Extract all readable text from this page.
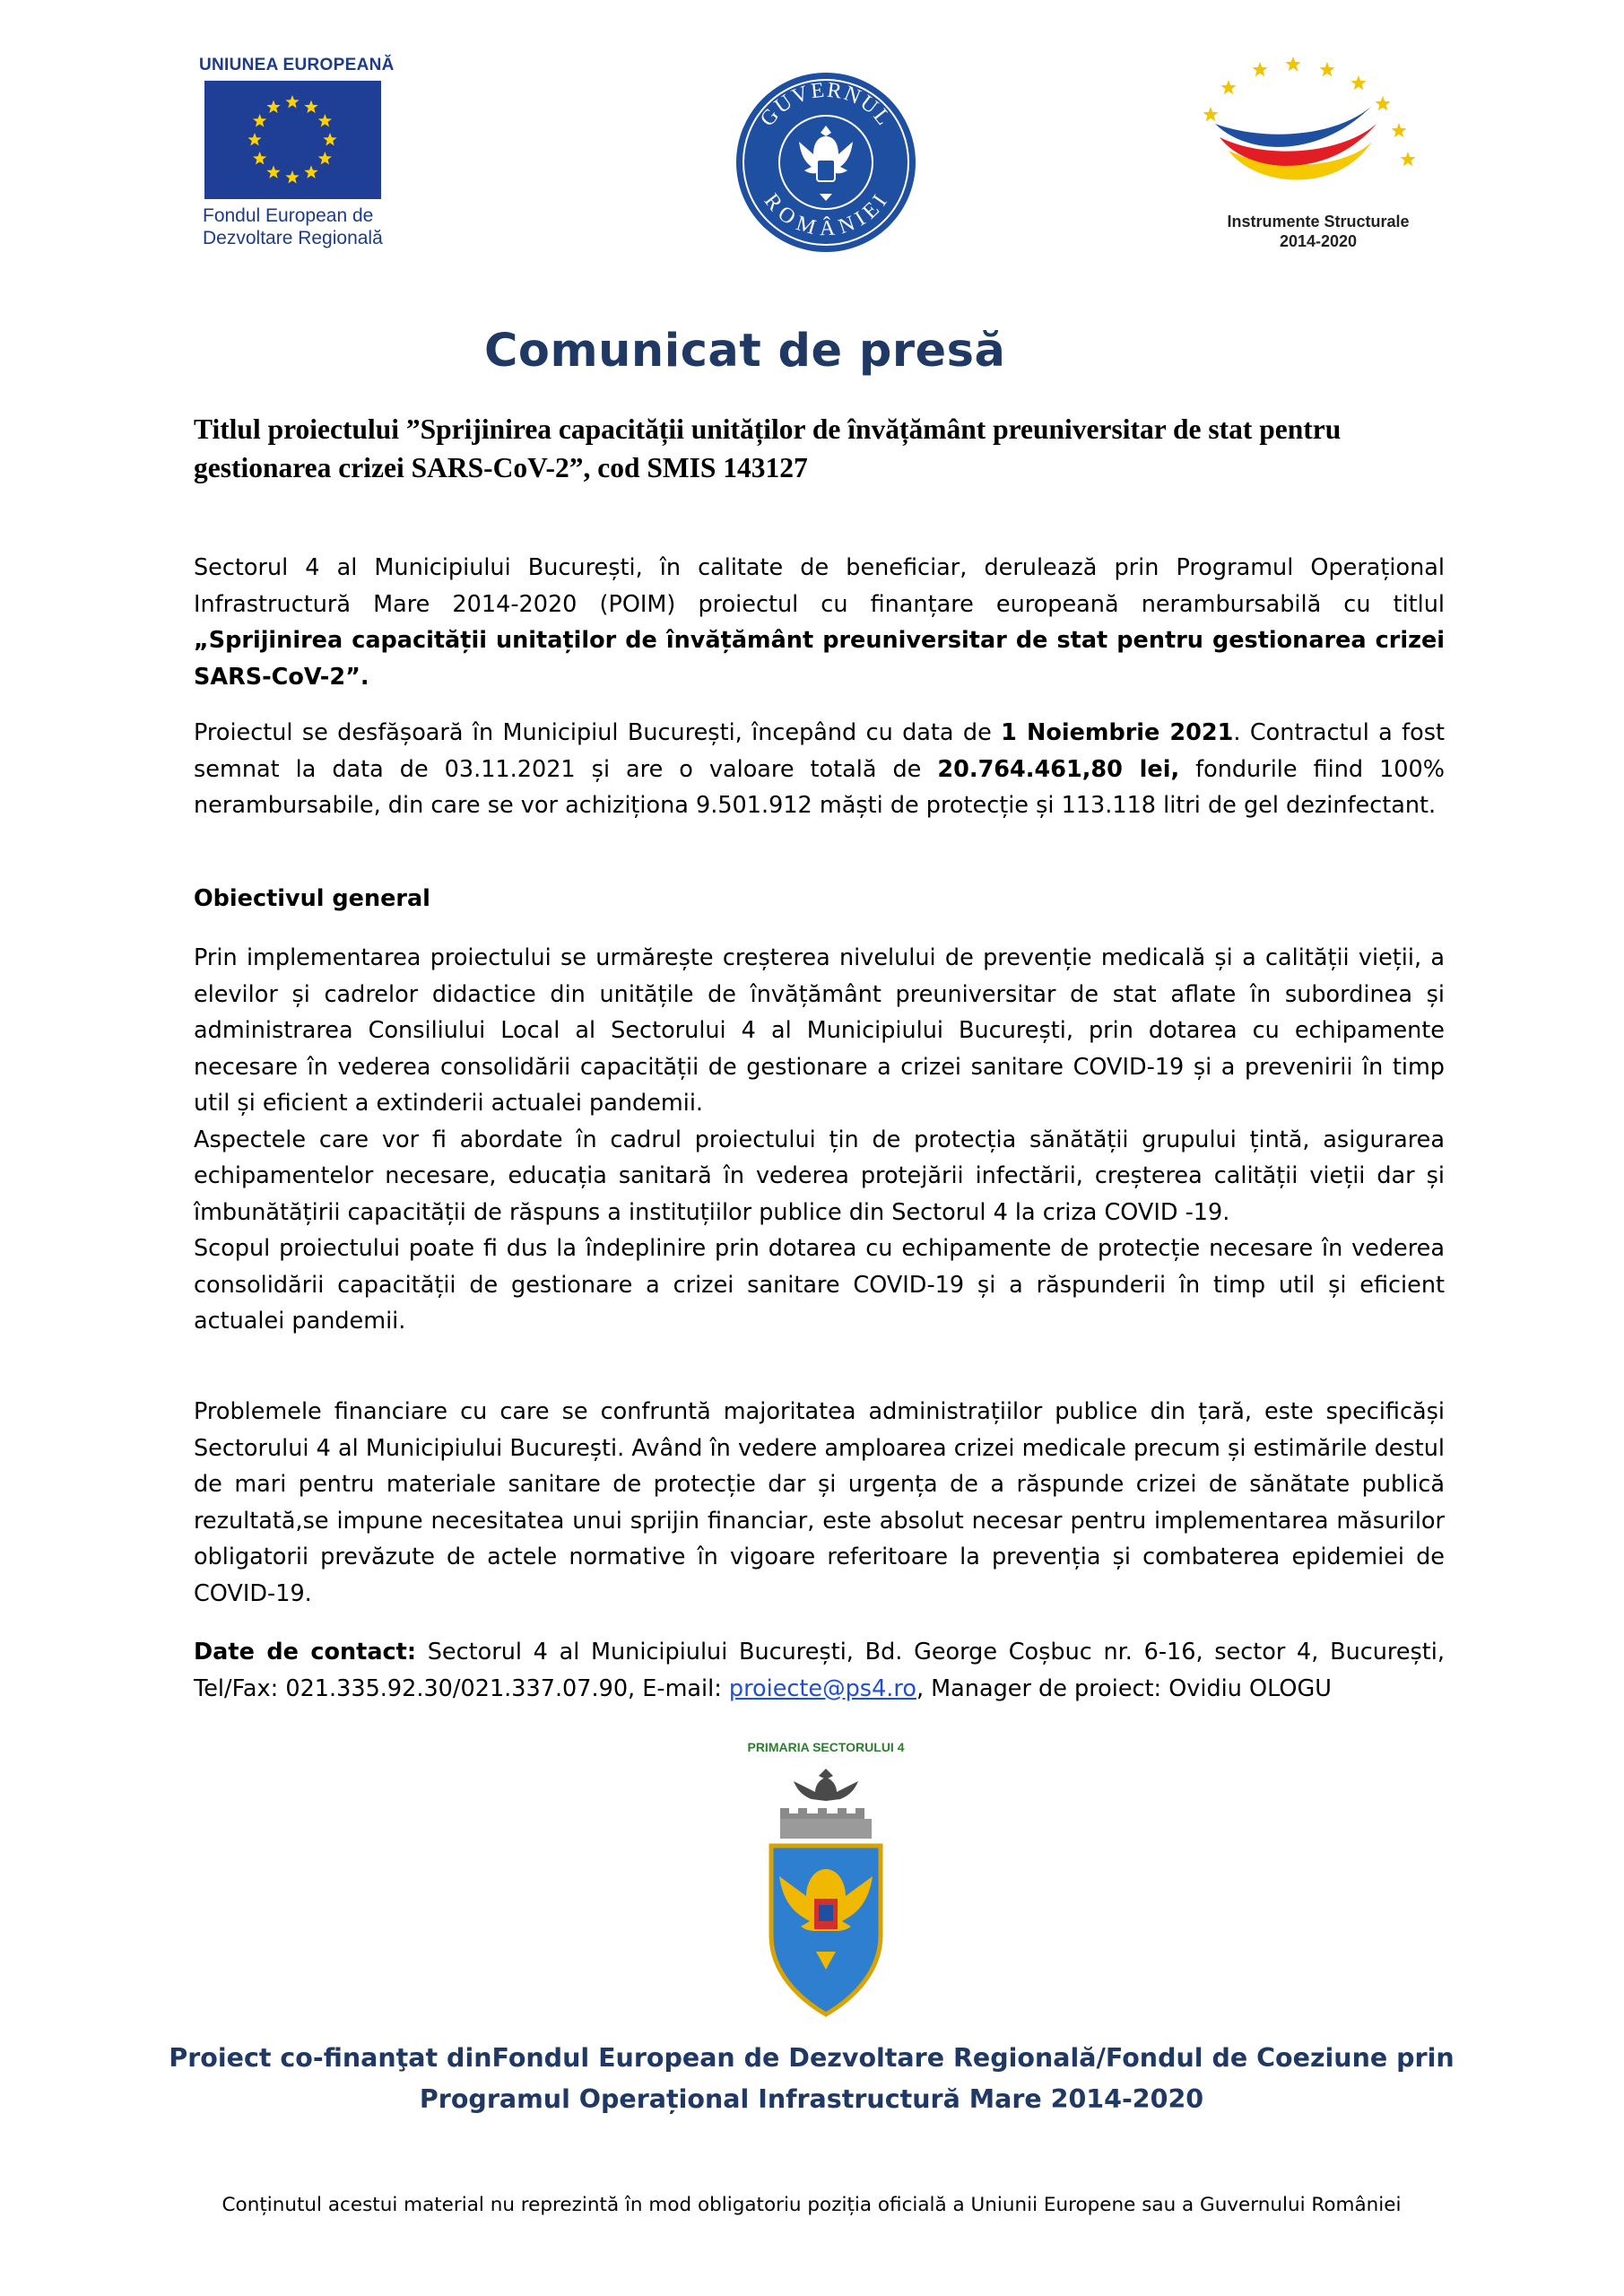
UNIUNEA EUROPEANĂ
Fondul European de
Dezvoltare Regională
GUVERNUL
ROMÂNIEI
Instrumente Structurale
2014-2020
Comunicat de presă
Titlul proiectului ”Sprijinirea capacității unităților de învățământ preuniversitar de stat pentru gestionarea crizei SARS-CoV-2”, cod SMIS 143127
Sectorul 4 al Municipiului București, în calitate de beneficiar, derulează prin Programul Operațional Infrastructură Mare 2014-2020 (POIM) proiectul cu finanțare europeană nerambursabilă cu titlul „Sprijinirea capacității unitaților de învățământ preuniversitar de stat pentru gestionarea crizei SARS-CoV-2”.
Proiectul se desfășoară în Municipiul București, începând cu data de 1 Noiembrie 2021. Contractul a fost semnat la data de 03.11.2021 și are o valoare totală de 20.764.461,80 lei, fondurile fiind 100% nerambursabile, din care se vor achiziționa 9.501.912 măști de protecție și 113.118 litri de gel dezinfectant.
Obiectivul general
Prin implementarea proiectului se urmărește creșterea nivelului de prevenție medicală și a calității vieții, a elevilor și cadrelor didactice din unitățile de învățământ preuniversitar de stat aflate în subordinea și administrarea Consiliului Local al Sectorului 4 al Municipiului București, prin dotarea cu echipamente necesare în vederea consolidării capacității de gestionare a crizei sanitare COVID-19 și a prevenirii în timp util și eficient a extinderii actualei pandemii.
Aspectele care vor fi abordate în cadrul proiectului țin de protecția sănătății grupului țintă, asigurarea echipamentelor necesare, educația sanitară în vederea protejării infectării, creșterea calității vieții dar și îmbunătățirii capacității de răspuns a instituțiilor publice din Sectorul 4 la criza COVID -19.
Scopul proiectului poate fi dus la îndeplinire prin dotarea cu echipamente de protecție necesare în vederea consolidării capacității de gestionare a crizei sanitare COVID-19 și a răspunderii în timp util și eficient actualei pandemii.
Problemele financiare cu care se confruntă majoritatea administrațiilor publice din țară, este specificăși Sectorului 4 al Municipiului București. Având în vedere amploarea crizei medicale precum și estimările destul de mari pentru materiale sanitare de protecție dar și urgența de a răspunde crizei de sănătate publică rezultată,se impune necesitatea unui sprijin financiar, este absolut necesar pentru implementarea măsurilor obligatorii prevăzute de actele normative în vigoare referitoare la prevenția și combaterea epidemiei de COVID-19.
Date de contact: Sectorul 4 al Municipiului București, Bd. George Coșbuc nr. 6-16, sector 4, București, Tel/Fax: 021.335.92.30/021.337.07.90, E-mail: proiecte@ps4.ro, Manager de proiect: Ovidiu OLOGU
PRIMARIA SECTORULUI 4
Proiect co-finanţat dinFondul European de Dezvoltare Regională/Fondul de Coeziune prin
Programul Operațional Infrastructură Mare 2014-2020
Conținutul acestui material nu reprezintă în mod obligatoriu poziția oficială a Uniunii Europene sau a Guvernului României
